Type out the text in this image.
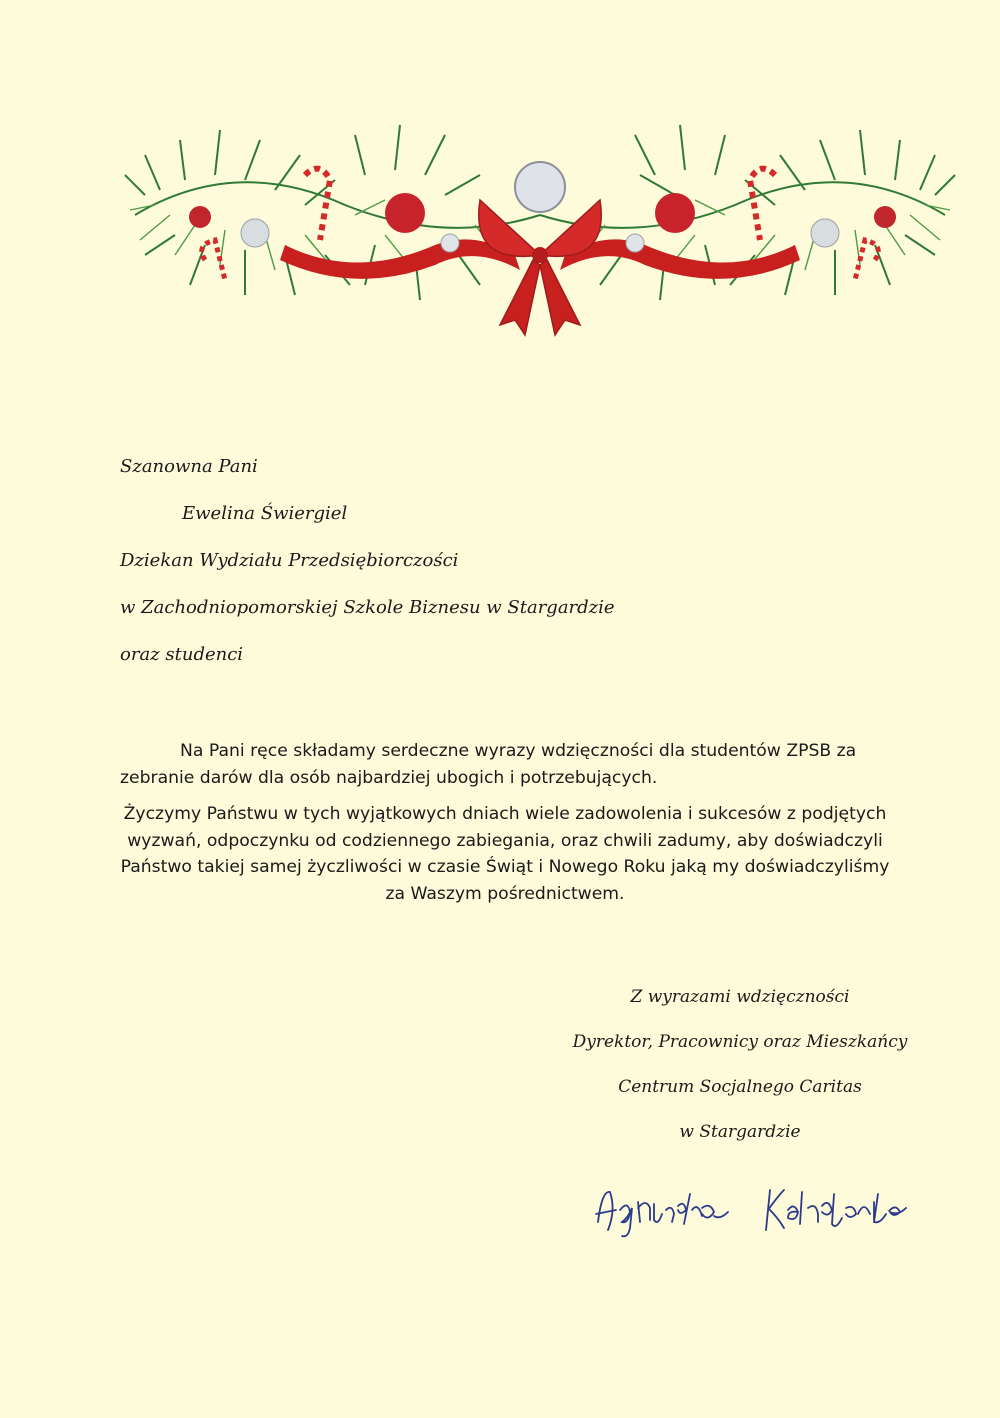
Szanowna Pani
Ewelina Świergiel
Dziekan Wydziału Przedsiębiorczości
w Zachodniopomorskiej Szkole Biznesu w Stargardzie
oraz studenci

Na Pani ręce składamy serdeczne wyrazy wdzięczności dla studentów ZPSB za zebranie darów dla osób najbardziej ubogich i potrzebujących.

Życzymy Państwu w tych wyjątkowych dniach wiele zadowolenia i sukcesów z podjętych wyzwań, odpoczynku od codziennego zabiegania, oraz chwili zadumy, aby doświadczyli Państwo takiej samej życzliwości w czasie Świąt i Nowego Roku jaką my doświadczyliśmy za Waszym pośrednictwem.

Z wyrazami wdzięczności
Dyrektor, Pracownicy oraz Mieszkańcy
Centrum Socjalnego Caritas
w Stargardzie
